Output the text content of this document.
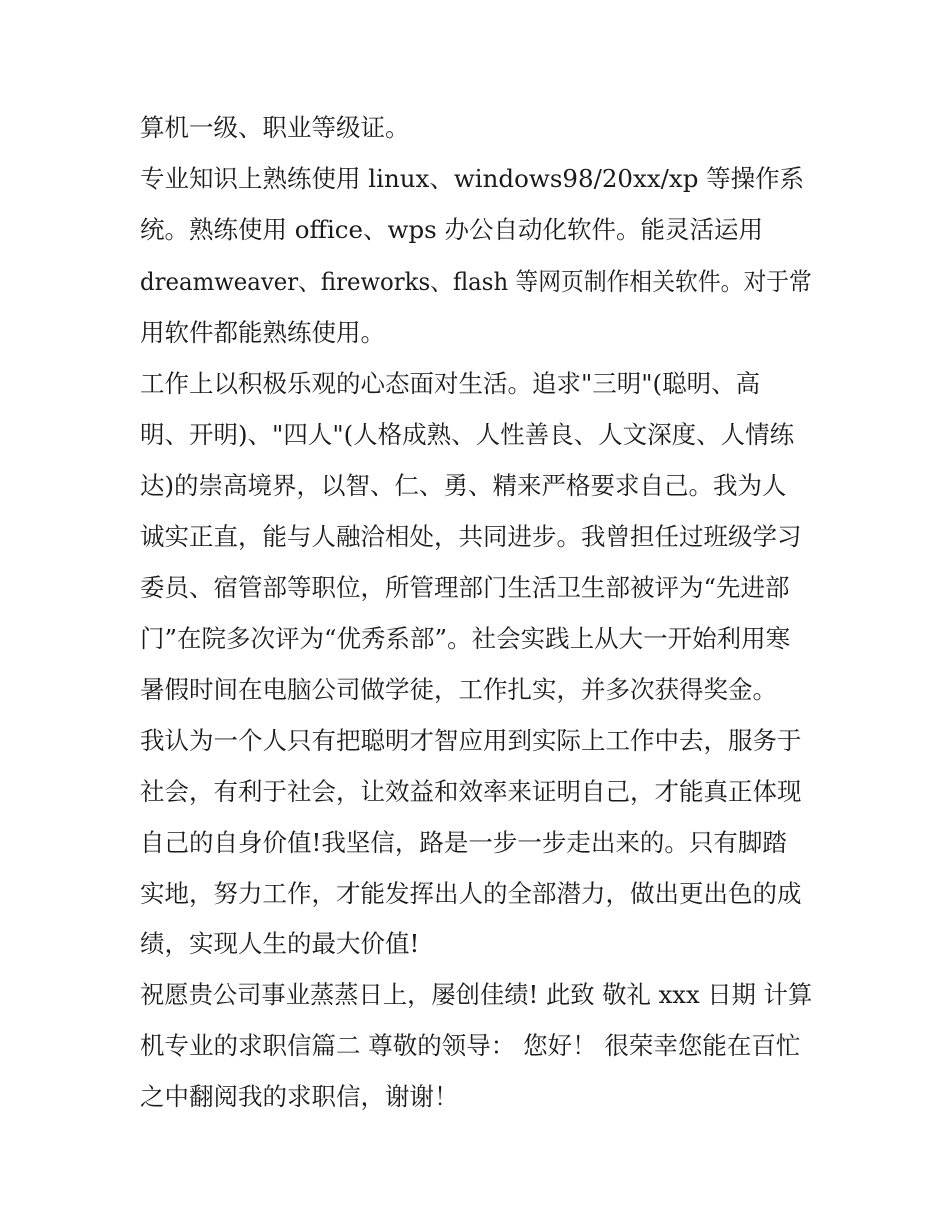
算机一级、职业等级证。
专业知识上熟练使用 linux、windows98/20xx/xp 等操作系
统。熟练使用 office、wps 办公自动化软件。能灵活运用
dreamweaver、fireworks、flash 等网页制作相关软件。对于常
用软件都能熟练使用。
工作上以积极乐观的心态面对生活。追求"三明"(聪明、高
明、开明)、"四人"(人格成熟、人性善良、人文深度、人情练
达)的崇高境界，以智、仁、勇、精来严格要求自己。我为人
诚实正直，能与人融洽相处，共同进步。我曾担任过班级学习
委员、宿管部等职位，所管理部门生活卫生部被评为“先进部
门”在院多次评为“优秀系部”。社会实践上从大一开始利用寒
暑假时间在电脑公司做学徒，工作扎实，并多次获得奖金。
我认为一个人只有把聪明才智应用到实际上工作中去，服务于
社会，有利于社会，让效益和效率来证明自己，才能真正体现
自己的自身价值!我坚信，路是一步一步走出来的。只有脚踏
实地，努力工作，才能发挥出人的全部潜力，做出更出色的成
绩，实现人生的最大价值!
祝愿贵公司事业蒸蒸日上，屡创佳绩! 此致 敬礼 xxx 日期 计算
机专业的求职信篇二 尊敬的领导： 您好！ 很荣幸您能在百忙
之中翻阅我的求职信，谢谢！
